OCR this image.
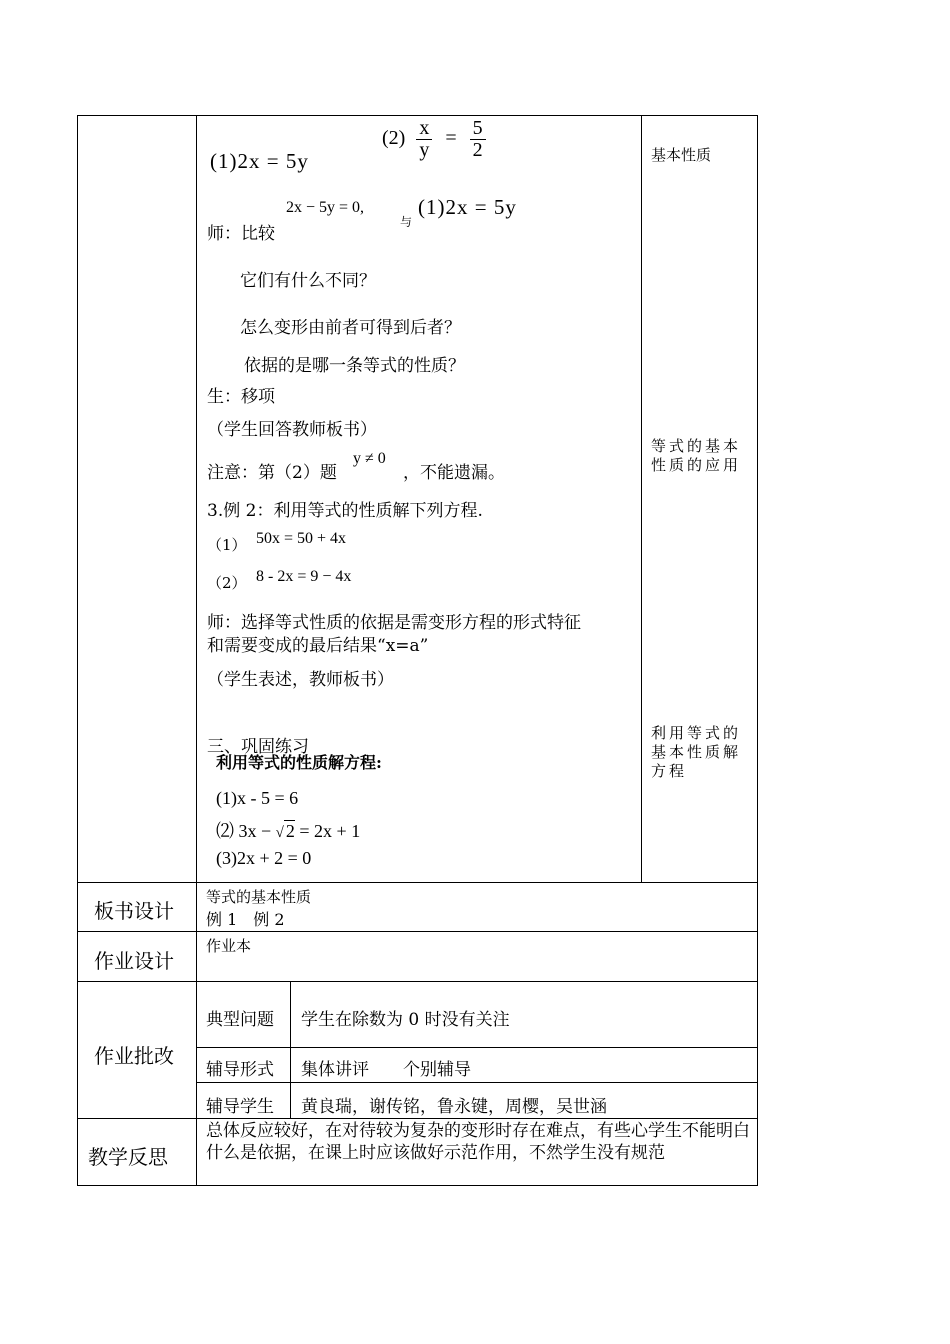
(1)2x = 5y
$(2) \frac{x}{y} = \frac{5}{2}$
师：比较
2x − 5y = 0,
与
(1)2x = 5y
它们有什么不同？
怎么变形由前者可得到后者？
依据的是哪一条等式的性质？
生：移项
（学生回答教师板书）
注意：第（2）题
y ≠ 0
，不能遗漏。
3.例 2：利用等式的性质解下列方程.
（1） 50x = 50 + 4x
（2） 8 - 2x = 9 − 4x
师：选择等式性质的依据是需变形方程的形式特征
和需要变成的最后结果“x=a”
（学生表述，教师板书）
三、巩固练习
利用等式的性质解方程:
(1)x - 5 = 6
⑵ 3x − √ 2 = 2x + 1
(3)2x + 2 = 0
基本性质
等式的基本性质的应用
利用等式的基本性质解方程
板书设计
等式的基本性质
例 1　例 2
作业设计
作业本
作业批改
典型问题 学生在除数为 0 时没有关注
辅导形式 集体讲评　　个别辅导
辅导学生 黄良瑞，谢传铭，鲁永键，周樱，吴世涵
教学反思
总体反应较好，在对待较为复杂的变形时存在难点，有些心学生不能明白什么是依据，在课上时应该做好示范作用，不然学生没有规范
